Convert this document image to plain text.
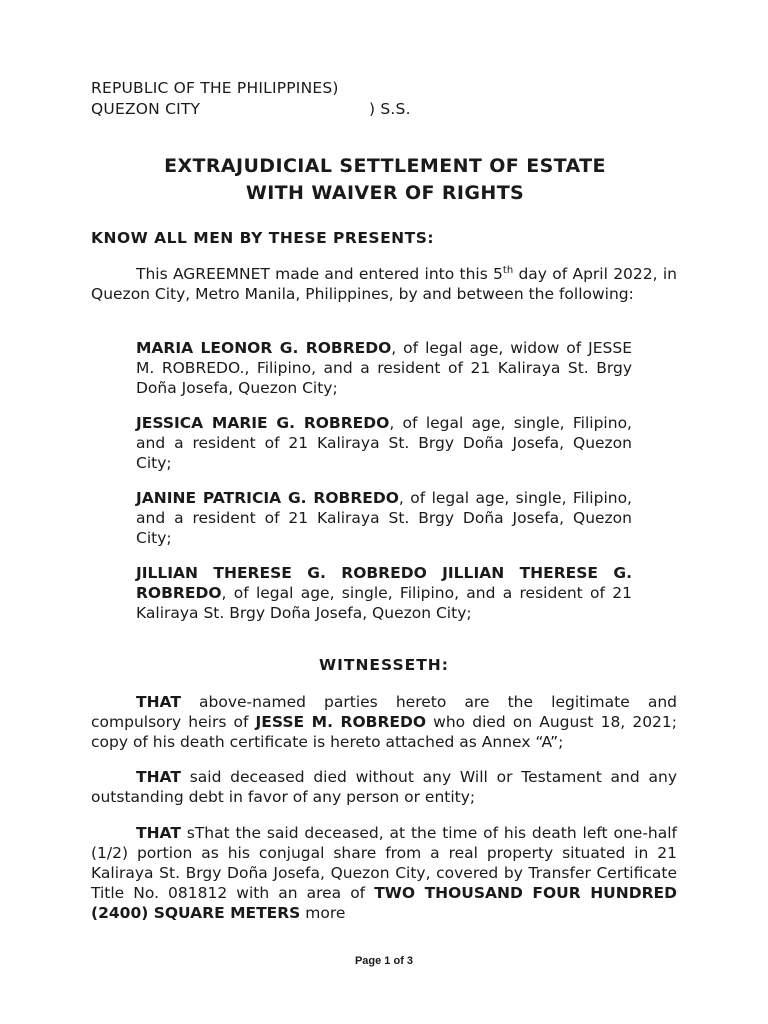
REPUBLIC OF THE PHILIPPINES)
QUEZON CITY	) S.S.
EXTRAJUDICIAL SETTLEMENT OF ESTATE
WITH WAIVER OF RIGHTS
KNOW ALL MEN BY THESE PRESENTS:
This AGREEMNET made and entered into this 5th day of April 2022, in Quezon City, Metro Manila, Philippines, by and between the following:
MARIA LEONOR G. ROBREDO, of legal age, widow of JESSE M. ROBREDO., Filipino, and a resident of 21 Kaliraya St. Brgy Doña Josefa, Quezon City;
JESSICA MARIE G. ROBREDO, of legal age, single, Filipino, and a resident of 21 Kaliraya St. Brgy Doña Josefa, Quezon City;
JANINE PATRICIA G. ROBREDO, of legal age, single, Filipino, and a resident of 21 Kaliraya St. Brgy Doña Josefa, Quezon City;
JILLIAN THERESE G. ROBREDO JILLIAN THERESE G. ROBREDO, of legal age, single, Filipino, and a resident of 21 Kaliraya St. Brgy Doña Josefa, Quezon City;
WITNESSETH:
THAT above-named parties hereto are the legitimate and compulsory heirs of JESSE M. ROBREDO who died on August 18, 2021; copy of his death certificate is hereto attached as Annex “A”;
THAT said deceased died without any Will or Testament and any outstanding debt in favor of any person or entity;
THAT sThat the said deceased, at the time of his death left one-half (1/2) portion as his conjugal share from a real property situated in 21 Kaliraya St. Brgy Doña Josefa, Quezon City, covered by Transfer Certificate Title No. 081812 with an area of TWO THOUSAND FOUR HUNDRED (2400) SQUARE METERS more
Page 1 of 3
